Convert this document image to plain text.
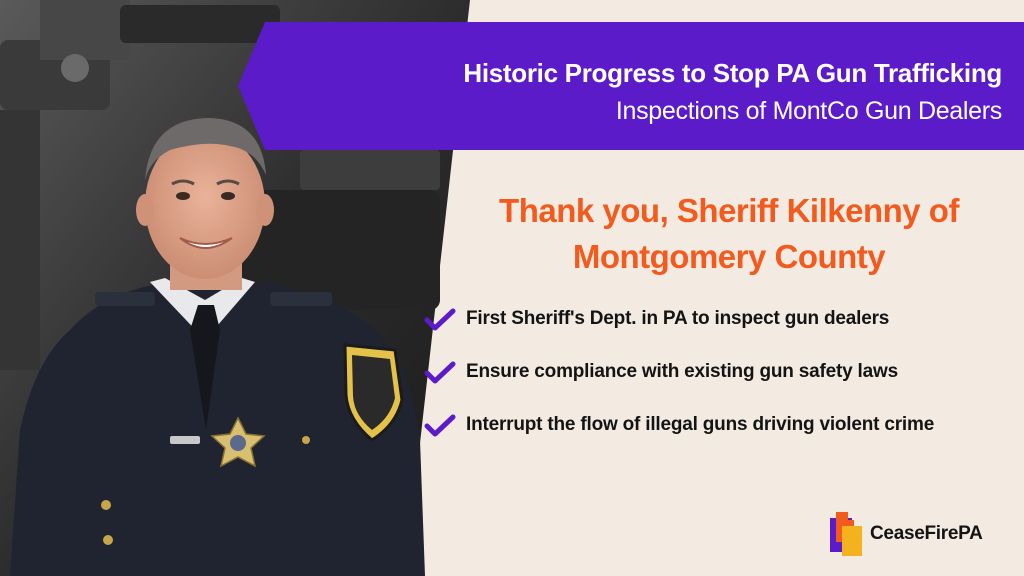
Historic Progress to Stop PA Gun Trafficking
Inspections of MontCo Gun Dealers
Thank you, Sheriff Kilkenny of
Montgomery County
First Sheriff's Dept. in PA to inspect gun dealers
Ensure compliance with existing gun safety laws
Interrupt the flow of illegal guns driving violent crime
CeaseFirePA
